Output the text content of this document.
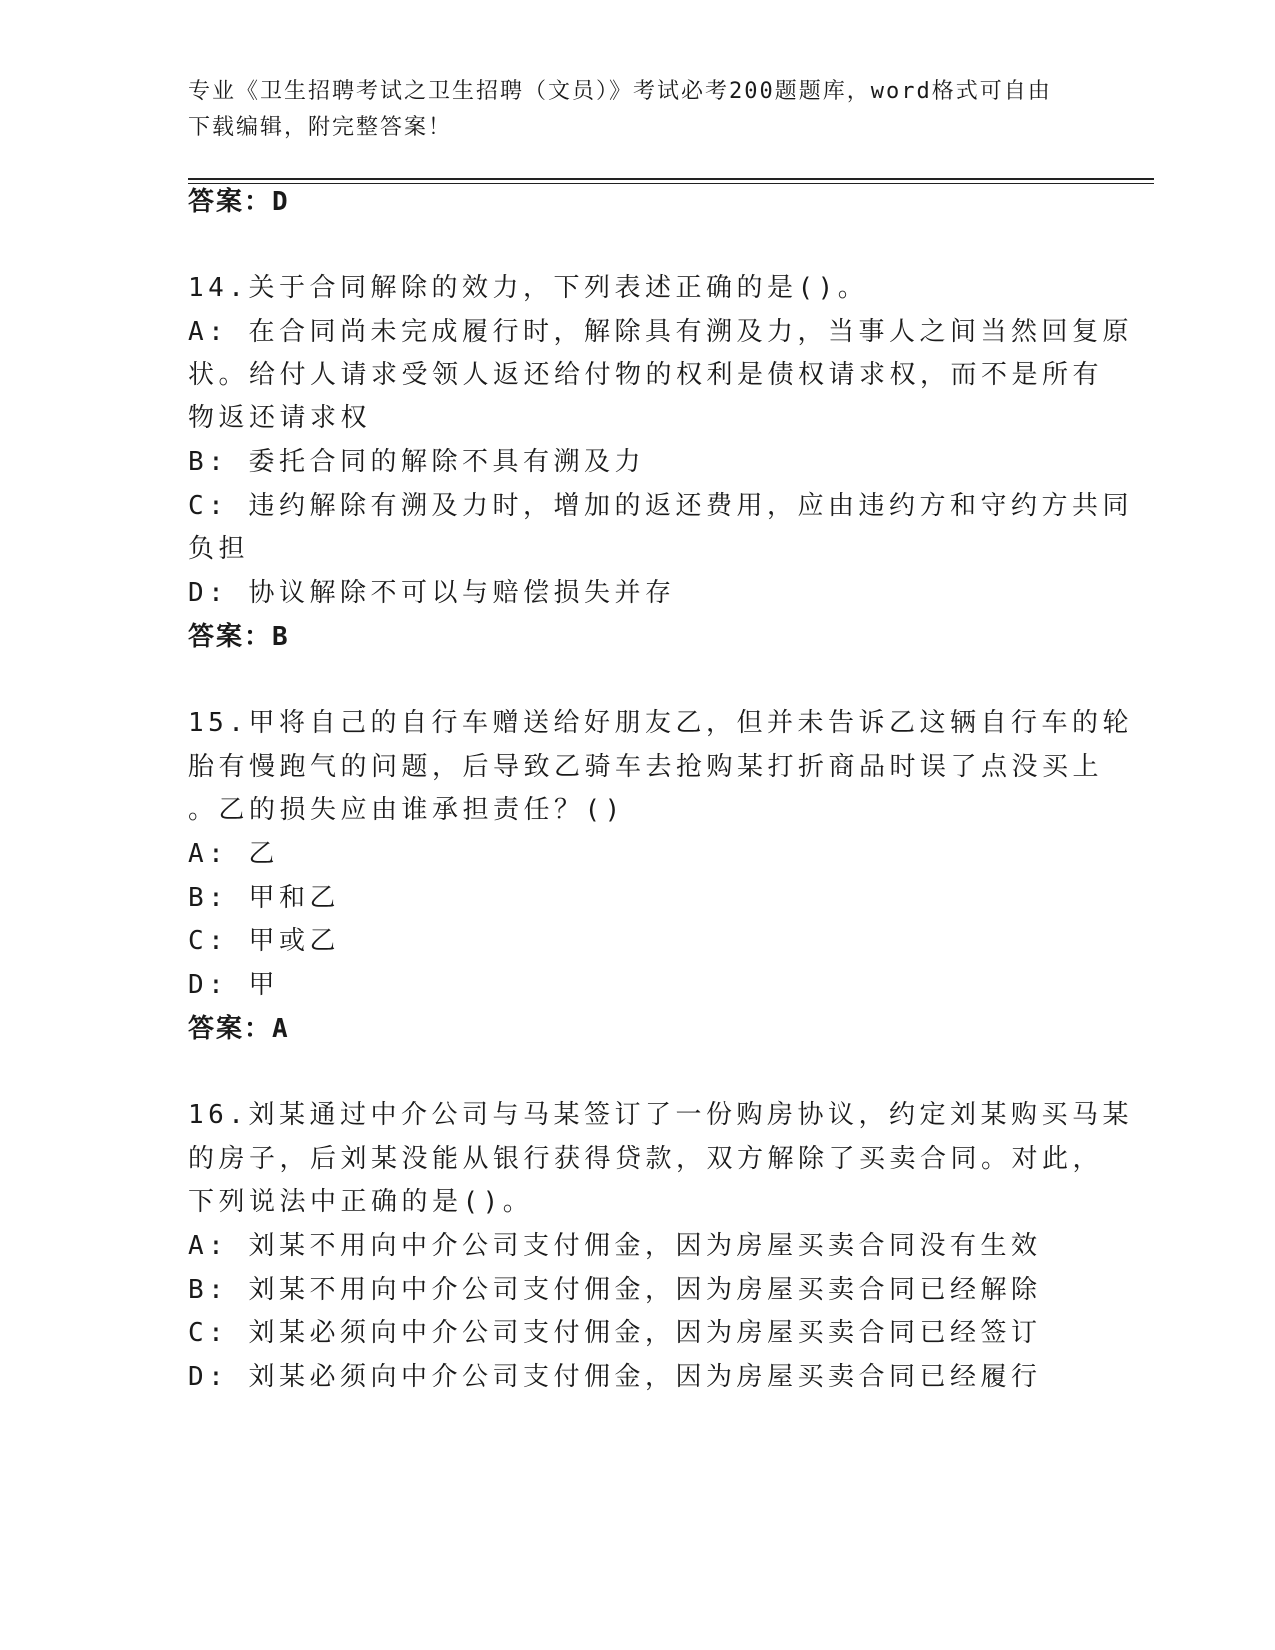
专业《卫生招聘考试之卫生招聘（文员）》考试必考200题题库，word格式可自由下载编辑，附完整答案！
答案：D
14.关于合同解除的效力，下列表述正确的是()。
A: 在合同尚未完成履行时，解除具有溯及力，当事人之间当然回复原
状。给付人请求受领人返还给付物的权利是债权请求权，而不是所有
物返还请求权
B: 委托合同的解除不具有溯及力
C: 违约解除有溯及力时，增加的返还费用，应由违约方和守约方共同
负担
D: 协议解除不可以与赔偿损失并存
答案：B
15.甲将自己的自行车赠送给好朋友乙，但并未告诉乙这辆自行车的轮
胎有慢跑气的问题，后导致乙骑车去抢购某打折商品时误了点没买上
。乙的损失应由谁承担责任？()
A: 乙
B: 甲和乙
C: 甲或乙
D: 甲
答案：A
16.刘某通过中介公司与马某签订了一份购房协议，约定刘某购买马某
的房子，后刘某没能从银行获得贷款，双方解除了买卖合同。对此，
下列说法中正确的是()。
A: 刘某不用向中介公司支付佣金，因为房屋买卖合同没有生效
B: 刘某不用向中介公司支付佣金，因为房屋买卖合同已经解除
C: 刘某必须向中介公司支付佣金，因为房屋买卖合同已经签订
D: 刘某必须向中介公司支付佣金，因为房屋买卖合同已经履行
